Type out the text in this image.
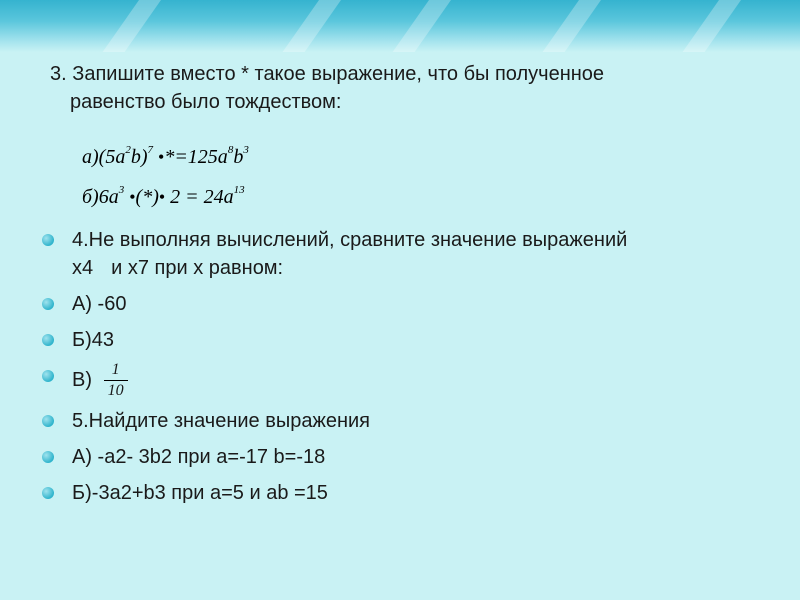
3. Запишите вместо * такое выражение, что бы полученное
равенство было тождеством:
$a)(5a^2b)^7$ $•*=125a^8b^3$
$б)6a^3$ •(*)• $2 = 24a^{13}$
4.Не выполняя вычислений, сравните значение выражений
x4 и x7 при x равном:
А) -60
Б)43
$В) \frac{1}{10}$
5.Найдите значение выражения
А) -a2- 3b2 при a=-17 b=-18
Б)-3a2+b3 при a=5 и ab =15
